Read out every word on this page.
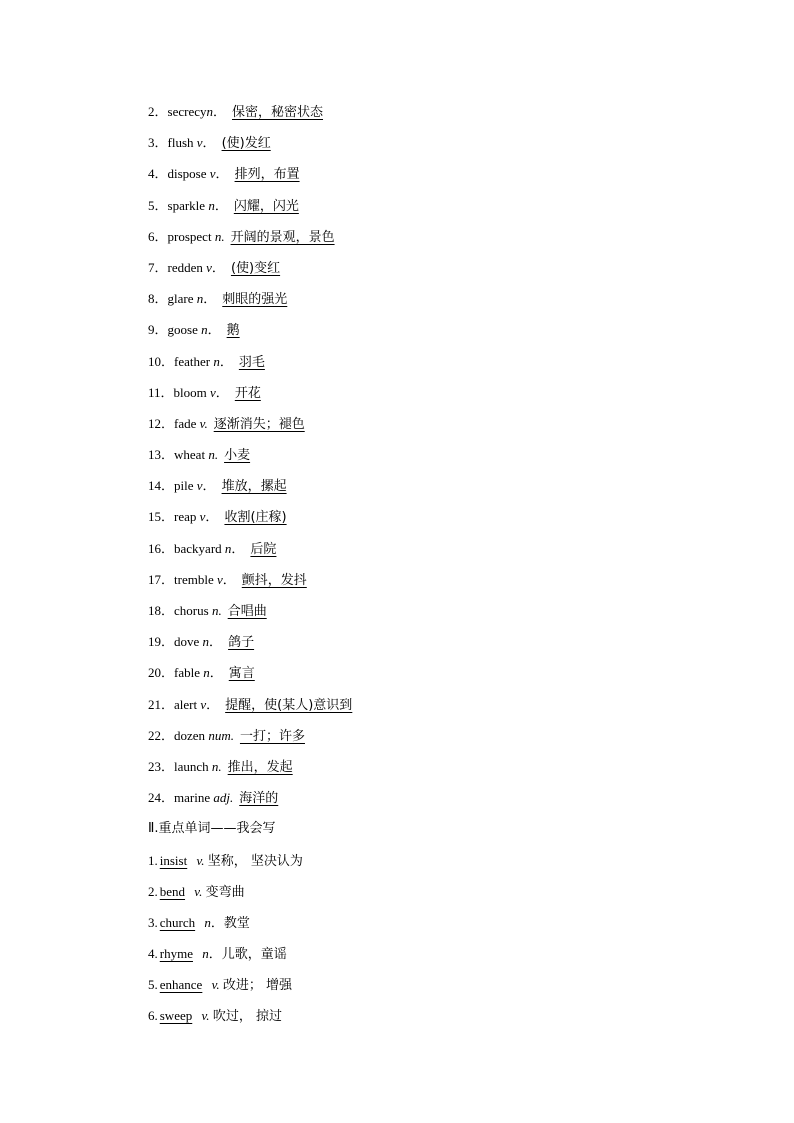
2．secrecyn． 保密，秘密状态
3．flush v． (使)发红
4．dispose v． 排列，布置
5．sparkle n． 闪耀，闪光
6．prospect n. 开阔的景观，景色
7．redden v． (使)变红
8．glare n． 刺眼的强光
9．goose n． 鹅
10．feather n． 羽毛
11．bloom v． 开花
12．fade v. 逐渐消失；褪色
13．wheat n. 小麦
14．pile v． 堆放，摞起
15．reap v． 收割(庄稼)
16．backyard n． 后院
17．tremble v． 颤抖，发抖
18．chorus n. 合唱曲
19．dove n． 鸽子
20．fable n． 寓言
21．alert v． 提醒，使(某人)意识到
22．dozen num. 一打；许多
23．launch n. 推出，发起
24．marine adj. 海洋的
Ⅱ.重点单词——我会写
1. insist v. 坚称， 坚决认为
2. bend v. 变弯曲
3. church n．教堂
4. rhyme n．儿歌，童谣
5. enhance v. 改进； 增强
6. sweep v. 吹过， 掠过
